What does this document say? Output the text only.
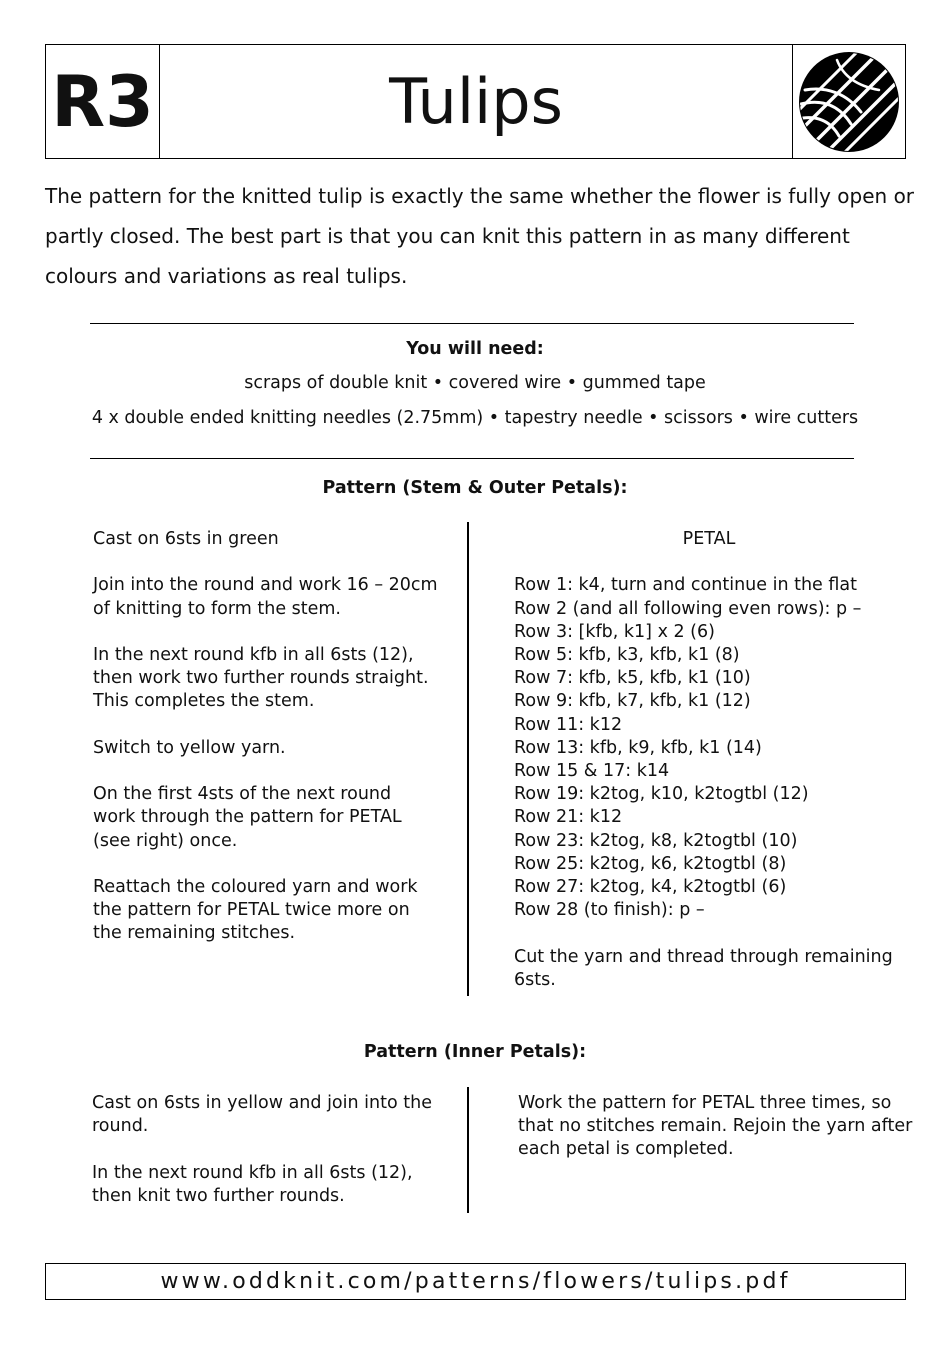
R3	Tulips
The pattern for the knitted tulip is exactly the same whether the flower is fully open or partly closed. The best part is that you can knit this pattern in as many different colours and variations as real tulips.
You will need:
scraps of double knit • covered wire • gummed tape
4 x double ended knitting needles (2.75mm) • tapestry needle • scissors • wire cutters
Pattern (Stem & Outer Petals):

Cast on 6sts in green

Join into the round and work 16 – 20cm of knitting to form the stem.

In the next round kfb in all 6sts (12), then work two further rounds straight. This completes the stem.

Switch to yellow yarn.

On the first 4sts of the next round work through the pattern for PETAL (see right) once.

Reattach the coloured yarn and work the pattern for PETAL twice more on the remaining stitches.

PETAL

Row 1: k4, turn and continue in the flat
Row 2 (and all following even rows): p –
Row 3: [kfb, k1] x 2 (6)
Row 5: kfb, k3, kfb, k1 (8)
Row 7: kfb, k5, kfb, k1 (10)
Row 9: kfb, k7, kfb, k1 (12)
Row 11: k12
Row 13: kfb, k9, kfb, k1 (14)
Row 15 & 17: k14
Row 19: k2tog, k10, k2togtbl (12)
Row 21: k12
Row 23: k2tog, k8, k2togtbl (10)
Row 25: k2tog, k6, k2togtbl (8)
Row 27: k2tog, k4, k2togtbl (6)
Row 28 (to finish): p –

Cut the yarn and thread through remaining 6sts.

Pattern (Inner Petals):

Cast on 6sts in yellow and join into the round.

In the next round kfb in all 6sts (12), then knit two further rounds.

Work the pattern for PETAL three times, so that no stitches remain. Rejoin the yarn after each petal is completed.

www.oddknit.com/patterns/flowers/tulips.pdf
